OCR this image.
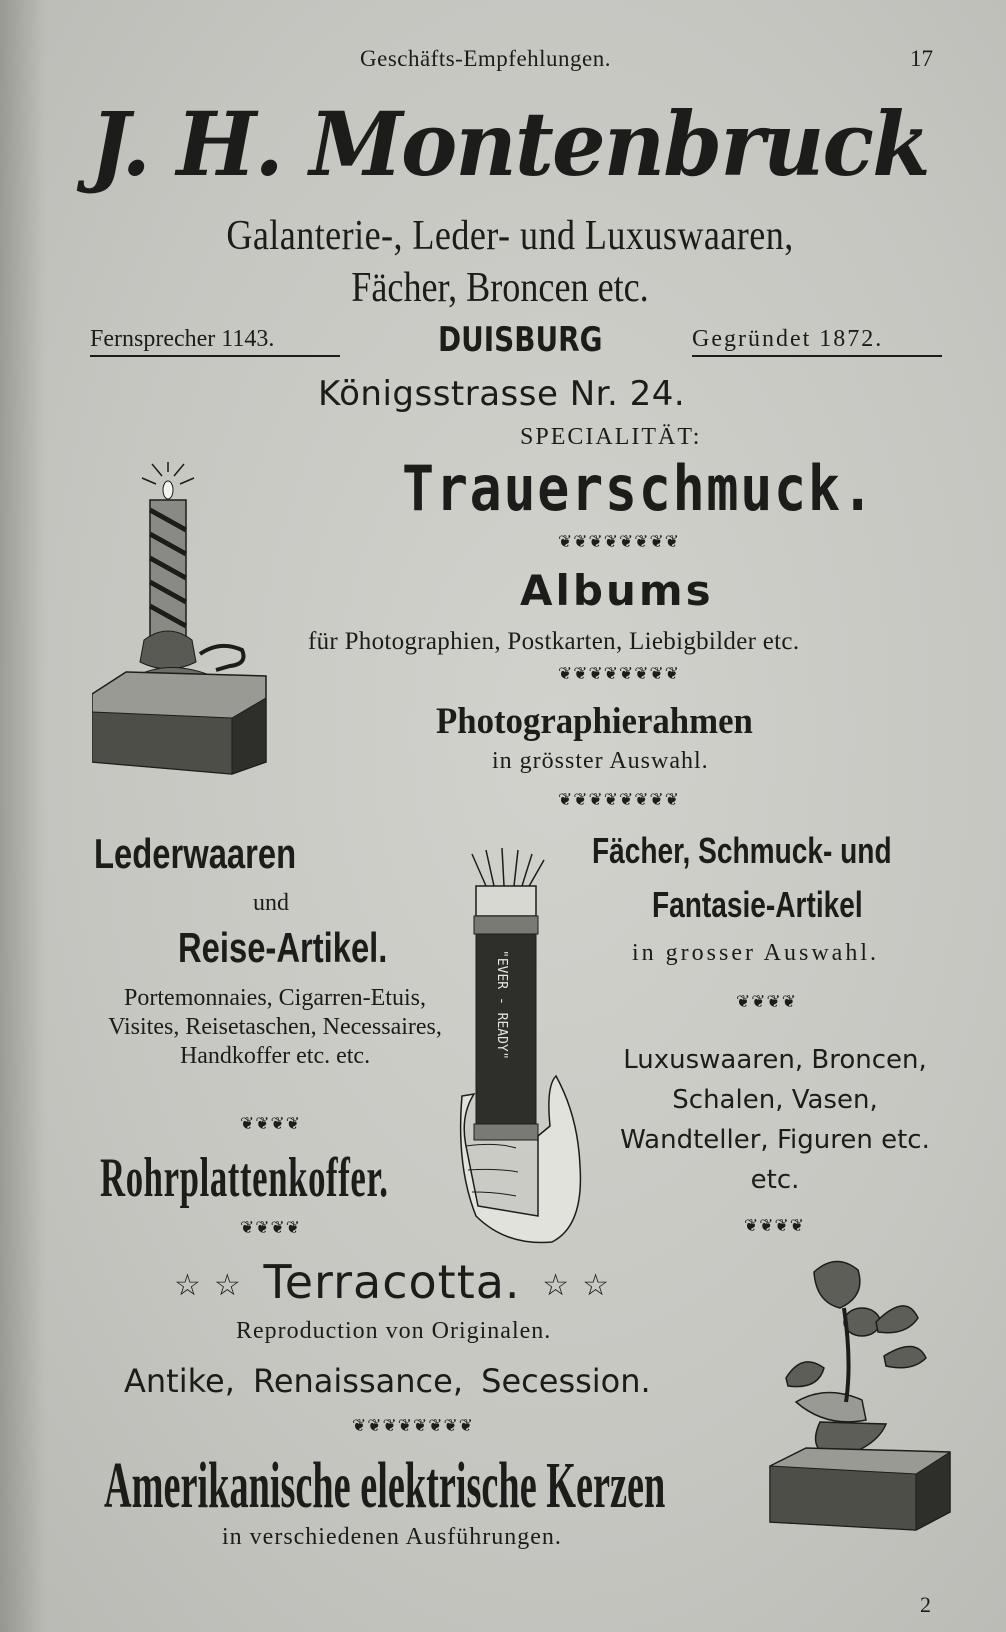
Geschäfts-Empfehlungen.	17
J. H. Montenbruck
Galanterie-, Leder- und Luxuswaaren,
Fächer, Broncen etc.
Fernsprecher 1143.	DUISBURG	Gegründet 1872.
Königsstrasse Nr. 24.
SPECIALITÄT:
Trauerschmuck.
❦❦❦❦❦❦❦❦
Albums
für Photographien, Postkarten, Liebigbilder etc.
❦❦❦❦❦❦❦❦
Photographierahmen
in grösster Auswahl.
❦❦❦❦❦❦❦❦
Lederwaaren
und
Reise-Artikel.
Portemonnaies, Cigarren-Etuis, Visites, Reisetaschen, Necessaires, Handkoffer etc. etc.
❦❦❦❦
Rohrplattenkoffer.
❦❦❦❦
"EVER - READY"
Fächer, Schmuck- und
Fantasie-Artikel
in grosser Auswahl.
❦❦❦❦
Luxuswaaren, Broncen, Schalen, Vasen, Wandteller, Figuren etc. etc.
❦❦❦❦
☆ ☆ Terracotta. ☆ ☆
Reproduction von Originalen.
Antike, Renaissance, Secession.
❦❦❦❦❦❦❦❦
Amerikanische elektrische Kerzen
in verschiedenen Ausführungen.
2
